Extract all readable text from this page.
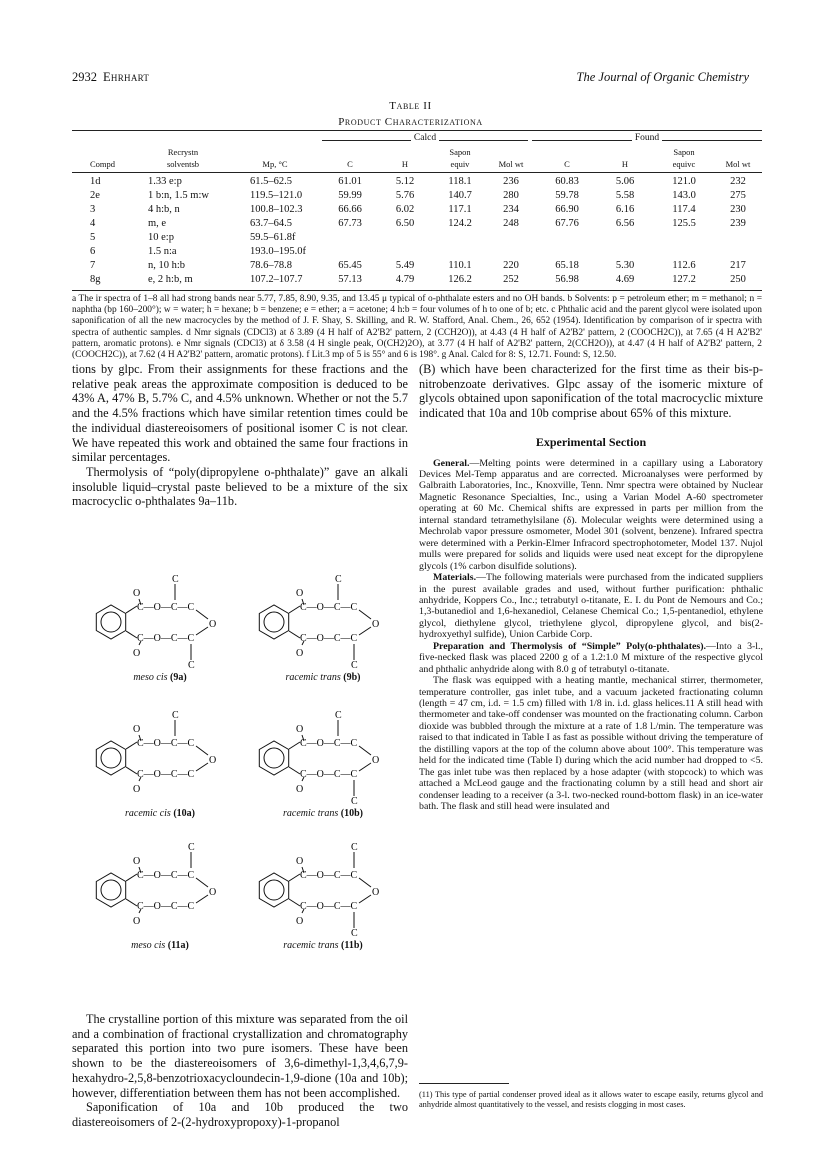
2932 Ehrhart	The Journal of Organic Chemistry
Table II
Product Characterizationa
Calcd	Found
Recrystn	Sapon	Sapon
Compd	solventsb	Mp, °C	C	H	equiv	Mol wt	C	H	equivc	Mol wt
1d	1.33 e:p	61.5–62.5	61.01	5.12	118.1	236	60.83	5.06	121.0	232
2e	1 b:n, 1.5 m:w	119.5–121.0	59.99	5.76	140.7	280	59.78	5.58	143.0	275
3	4 h:b, n	100.8–102.3	66.66	6.02	117.1	234	66.90	6.16	117.4	230
4	m, e	63.7–64.5	67.73	6.50	124.2	248	67.76	6.56	125.5	239
5	10 e:p	59.5–61.8f
6	1.5 n:a	193.0–195.0f
7	n, 10 h:b	78.6–78.8	65.45	5.49	110.1	220	65.18	5.30	112.6	217
8g	e, 2 h:b, m	107.2–107.7	57.13	4.79	126.2	252	56.98	4.69	127.2	250
a The ir spectra of 1–8 all had strong bands near 5.77, 7.85, 8.90, 9.35, and 13.45 μ typical of o-phthalate esters and no OH bands. b Solvents: p = petroleum ether; m = methanol; n = naphtha (bp 160–200°); w = water; h = hexane; b = benzene; e = ether; a = acetone; 4 h:b = four volumes of h to one of b; etc. c Phthalic acid and the parent glycol were isolated upon saponification of all the new macrocycles by the method of J. F. Shay, S. Skilling, and R. W. Stafford, Anal. Chem., 26, 652 (1954). Identification by comparison of ir spectra with spectra of authentic samples. d Nmr signals (CDCl3) at δ 3.89 (4 H half of A2'B2' pattern, 2 (CCH2O)), at 4.43 (4 H half of A2'B2' pattern, 2 (COOCH2C)), at 7.65 (4 H A2'B2' pattern, aromatic protons). e Nmr signals (CDCl3) at δ 3.58 (4 H single peak, O(CH2)2O), at 3.77 (4 H half of A2'B2' pattern, 2(CCH2O)), at 4.47 (4 H half of A2'B2' pattern, 2 (COOCH2C)), at 7.62 (4 H A2'B2' pattern, aromatic protons). f Lit.3 mp of 5 is 55° and 6 is 198°. g Anal. Calcd for 8: S, 12.71. Found: S, 12.50.
tions by glpc. From their assignments for these fractions and the relative peak areas the approximate composition is deduced to be 43% A, 47% B, 5.7% C, and 4.5% unknown. Whether or not the 5.7 and the 4.5% fractions which have similar retention times could be the individual diastereoisomers of positional isomer C is not clear. We have repeated this work and obtained the same four fractions in similar percentages.
Thermolysis of “poly(dipropylene o-phthalate)” gave an alkali insoluble liquid–crystal paste believed to be a mixture of the six macrocyclic o-phthalates 9a–11b.
O
O
C—O—C—C
C—O—C—C
O
C
C
meso cis (9a)
O
O
C—O—C—C
C—O—C—C
O
C
C
racemic trans (9b)
O
O
C—O—C—C
C—O—C—C
O
C
racemic cis (10a)
O
O
C—O—C—C
C—O—C—C
O
C
C
racemic trans (10b)
O
O
C—O—C—C
C—O—C—C
O
C
meso cis (11a)
O
O
C—O—C—C
C—O—C—C
O
C
C
racemic trans (11b)
The crystalline portion of this mixture was separated from the oil and a combination of fractional crystallization and chromatography separated this portion into two pure isomers. These have been shown to be the diastereoisomers of 3,6-dimethyl-1,3,4,6,7,9-hexahydro-2,5,8-benzotrioxacycloundecin-1,9-dione (10a and 10b); however, differentiation between them has not been accomplished.
Saponification of 10a and 10b produced the two diastereoisomers of 2-(2-hydroxypropoxy)-1-propanol
(B) which have been characterized for the first time as their bis-p-nitrobenzoate derivatives. Glpc assay of the isomeric mixture of glycols obtained upon saponification of the total macrocyclic mixture indicated that 10a and 10b comprise about 65% of this mixture.
Experimental Section

General.—Melting points were determined in a capillary using a Laboratory Devices Mel-Temp apparatus and are corrected. Microanalyses were performed by Galbraith Laboratories, Inc., Knoxville, Tenn. Nmr spectra were obtained by Nuclear Magnetic Resonance Specialties, Inc., using a Varian Model A-60 spectrometer operating at 60 Mc. Chemical shifts are expressed in parts per million from the internal standard tetramethylsilane (δ). Molecular weights were determined using a Mechrolab vapor pressure osmometer, Model 301 (solvent, benzene). Infrared spectra were determined with a Perkin-Elmer Infracord spectrophotometer, Model 137. Nujol mulls were prepared for solids and liquids were used neat except for the dipropylene glycols (1% carbon disulfide solutions).

Materials.—The following materials were purchased from the indicated suppliers in the purest available grades and used, without further purification: phthalic anhydride, Koppers Co., Inc.; tetrabutyl o-titanate, E. I. du Pont de Nemours and Co.; 1,3-butanediol and 1,6-hexanediol, Celanese Chemical Co.; 1,5-pentanediol, ethylene glycol, diethylene glycol, triethylene glycol, dipropylene glycol, and bis(2-hydroxyethyl sulfide), Union Carbide Corp.

Preparation and Thermolysis of “Simple” Poly(o-phthalates).—Into a 3-l., five-necked flask was placed 2200 g of a 1.2:1.0 M mixture of the respective glycol and phthalic anhydride along with 8.0 g of tetrabutyl o-titanate.

The flask was equipped with a heating mantle, mechanical stirrer, thermometer, temperature controller, gas inlet tube, and a vacuum jacketed fractionating column (length = 47 cm, i.d. = 1.5 cm) filled with 1/8 in. i.d. glass helices.11 A still head with thermometer and take-off condenser was mounted on the fractionating column. Carbon dioxide was bubbled through the mixture at a rate of 1.8 l./min. The temperature was raised to that indicated in Table I as fast as possible without driving the temperature of the distilling vapors at the top of the column above about 100°. This temperature was held for the indicated time (Table I) during which the acid number had dropped to <5. The gas inlet tube was then replaced by a hose adapter (with stopcock) to which was attached a McLeod gauge and the fractionating column by a still head and short air condenser leading to a receiver (a 3-l. two-necked round-bottom flask) in an ice-water bath. The flask and still head were insulated and

(11) This type of partial condenser proved ideal as it allows water to escape easily, returns glycol and anhydride almost quantitatively to the vessel, and resists clogging in most cases.
